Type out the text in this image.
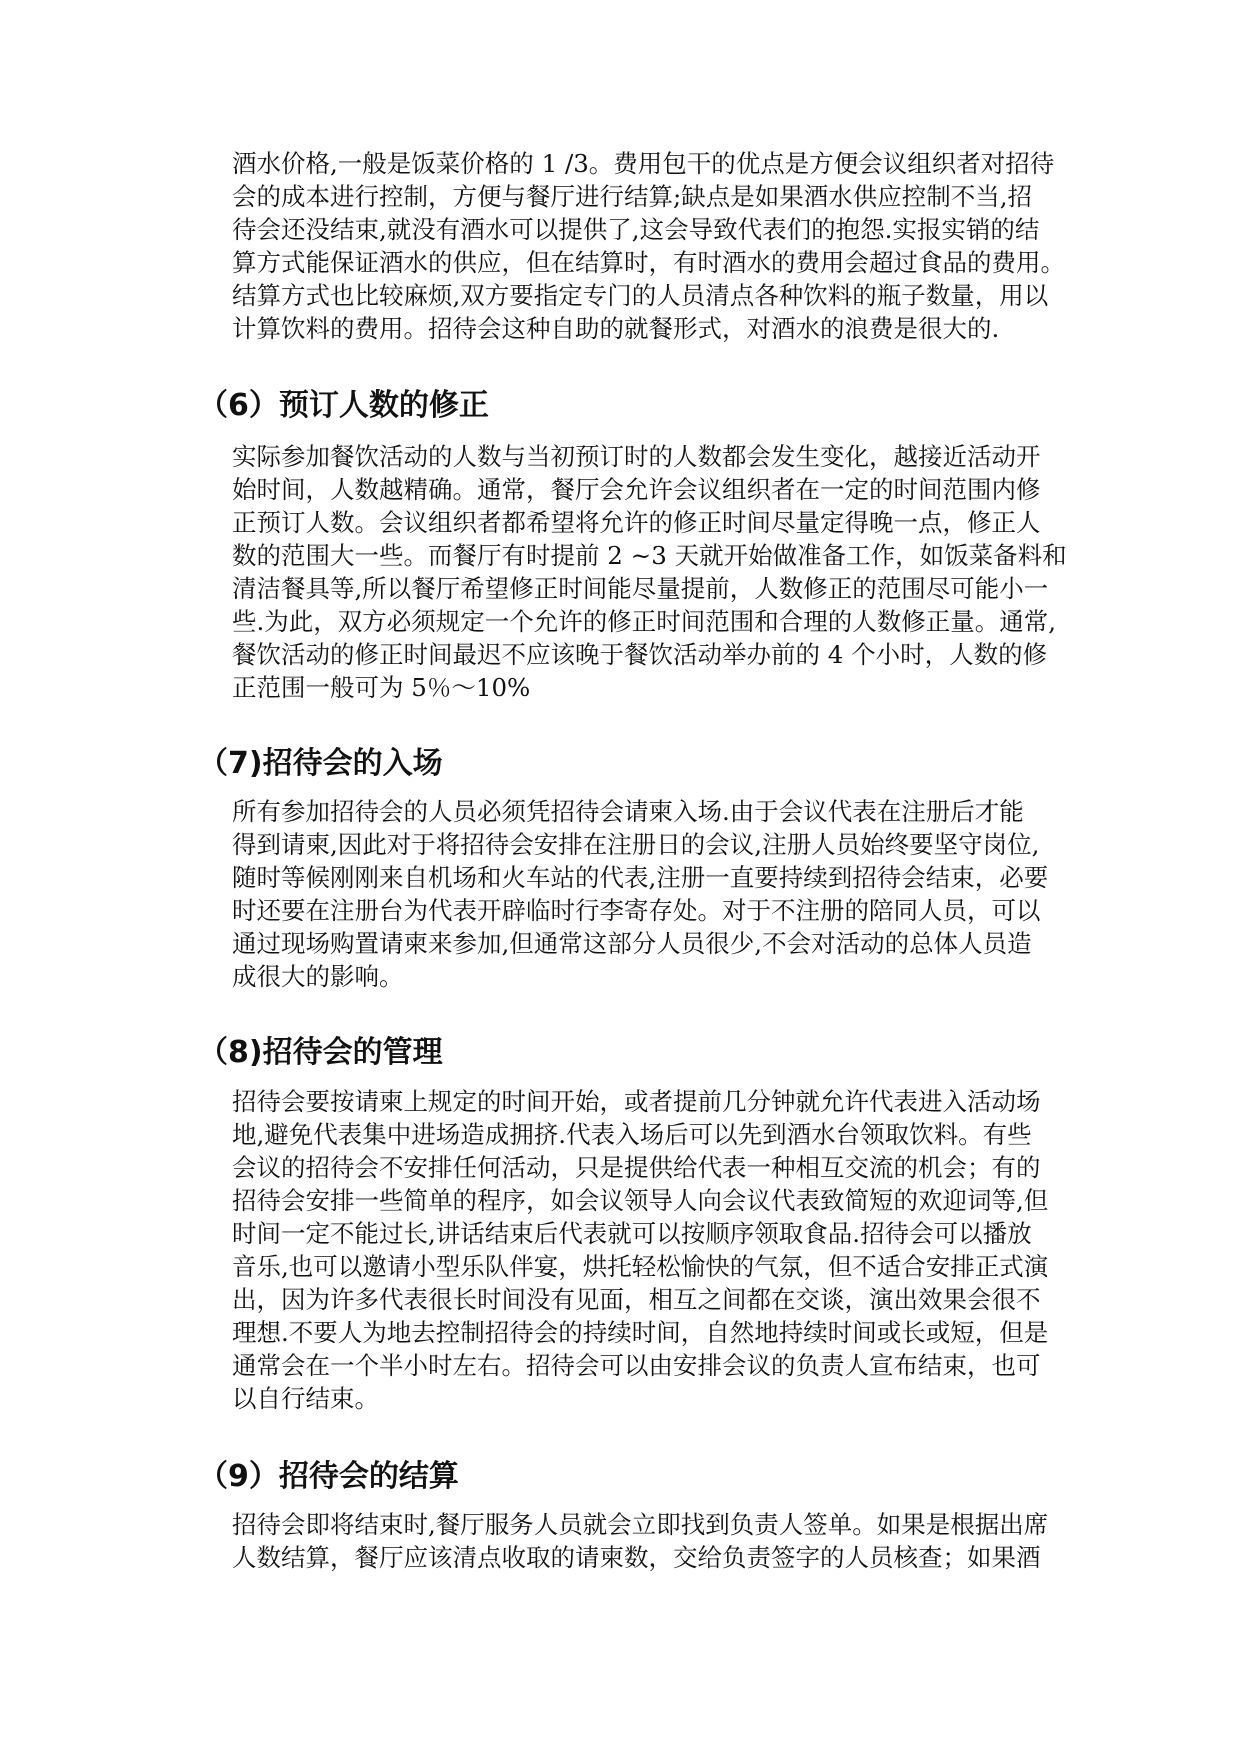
酒水价格,一般是饭菜价格的 1 /3。费用包干的优点是方便会议组织者对招待
会的成本进行控制，方便与餐厅进行结算;缺点是如果酒水供应控制不当,招
待会还没结束,就没有酒水可以提供了,这会导致代表们的抱怨.实报实销的结
算方式能保证酒水的供应，但在结算时，有时酒水的费用会超过食品的费用。
结算方式也比较麻烦,双方要指定专门的人员清点各种饮料的瓶子数量，用以
计算饮料的费用。招待会这种自助的就餐形式，对酒水的浪费是很大的.
（6）预订人数的修正
实际参加餐饮活动的人数与当初预订时的人数都会发生变化，越接近活动开
始时间，人数越精确。通常，餐厅会允许会议组织者在一定的时间范围内修
正预订人数。会议组织者都希望将允许的修正时间尽量定得晚一点，修正人
数的范围大一些。而餐厅有时提前 2 ~3 天就开始做准备工作，如饭菜备料和
清洁餐具等,所以餐厅希望修正时间能尽量提前，人数修正的范围尽可能小一
些.为此，双方必须规定一个允许的修正时间范围和合理的人数修正量。通常,
餐饮活动的修正时间最迟不应该晚于餐饮活动举办前的 4 个小时，人数的修
正范围一般可为 5％～10%
（7)招待会的入场
所有参加招待会的人员必须凭招待会请柬入场.由于会议代表在注册后才能
得到请柬,因此对于将招待会安排在注册日的会议,注册人员始终要坚守岗位,
随时等候刚刚来自机场和火车站的代表,注册一直要持续到招待会结束，必要
时还要在注册台为代表开辟临时行李寄存处。对于不注册的陪同人员，可以
通过现场购置请柬来参加,但通常这部分人员很少,不会对活动的总体人员造
成很大的影响。
（8)招待会的管理
招待会要按请柬上规定的时间开始，或者提前几分钟就允许代表进入活动场
地,避免代表集中进场造成拥挤.代表入场后可以先到酒水台领取饮料。有些
会议的招待会不安排任何活动，只是提供给代表一种相互交流的机会；有的
招待会安排一些简单的程序，如会议领导人向会议代表致简短的欢迎词等,但
时间一定不能过长,讲话结束后代表就可以按顺序领取食品.招待会可以播放
音乐,也可以邀请小型乐队伴宴，烘托轻松愉快的气氛，但不适合安排正式演
出，因为许多代表很长时间没有见面，相互之间都在交谈，演出效果会很不
理想.不要人为地去控制招待会的持续时间，自然地持续时间或长或短，但是
通常会在一个半小时左右。招待会可以由安排会议的负责人宣布结束，也可
以自行结束。
（9）招待会的结算
招待会即将结束时,餐厅服务人员就会立即找到负责人签单。如果是根据出席
人数结算，餐厅应该清点收取的请柬数，交给负责签字的人员核查；如果酒
